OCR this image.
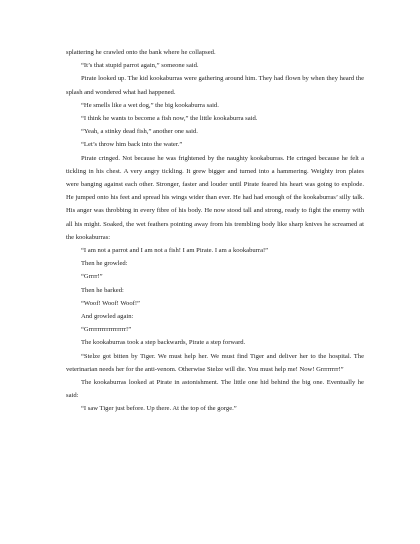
splattering he crawled onto the bank where he collapsed.

“It’s that stupid parrot again,” someone said.

Pirate looked up. The kid kookaburras were gathering around him. They had flown by when they heard the splash and wondered what had happened.

“He smells like a wet dog,” the big kookaburra said.

“I think he wants to become a fish now,” the little kookaburra said.

“Yeah, a stinky dead fish,” another one said.

“Let’s throw him back into the water.”

Pirate cringed. Not because he was frightened by the naughty kookaburras. He cringed because he felt a tickling in his chest. A very angry tickling. It grew bigger and turned into a hammering. Weighty iron plates were banging against each other. Stronger, faster and louder until Pirate feared his heart was going to explode. He jumped onto his feet and spread his wings wider than ever. He had had enough of the kookaburras’ silly talk. His anger was throbbing in every fibre of his body. He now stood tall and strong, ready to fight the enemy with all his might. Soaked, the wet feathers pointing away from his trembling body like sharp knives he screamed at the kookaburras:

“I am not a parrot and I am not a fish! I am Pirate. I am a kookaburra!”

Then he growled:

“Grrrr!”

Then he barked:

“Woof! Woof! Woof!”

And growled again:

“Grrrrrrrrrrrrrrrrr!”

The kookaburras took a step backwards, Pirate a step forward.

“Stelze got bitten by Tiger. We must help her. We must find Tiger and deliver her to the hospital. The veterinarian needs her for the anti-venom. Otherwise Stelze will die. You must help me! Now! Grrrrrrrr!”

The kookaburras looked at Pirate in astonishment. The little one hid behind the big one. Eventually he said:

“I saw Tiger just before. Up there. At the top of the gorge.”
